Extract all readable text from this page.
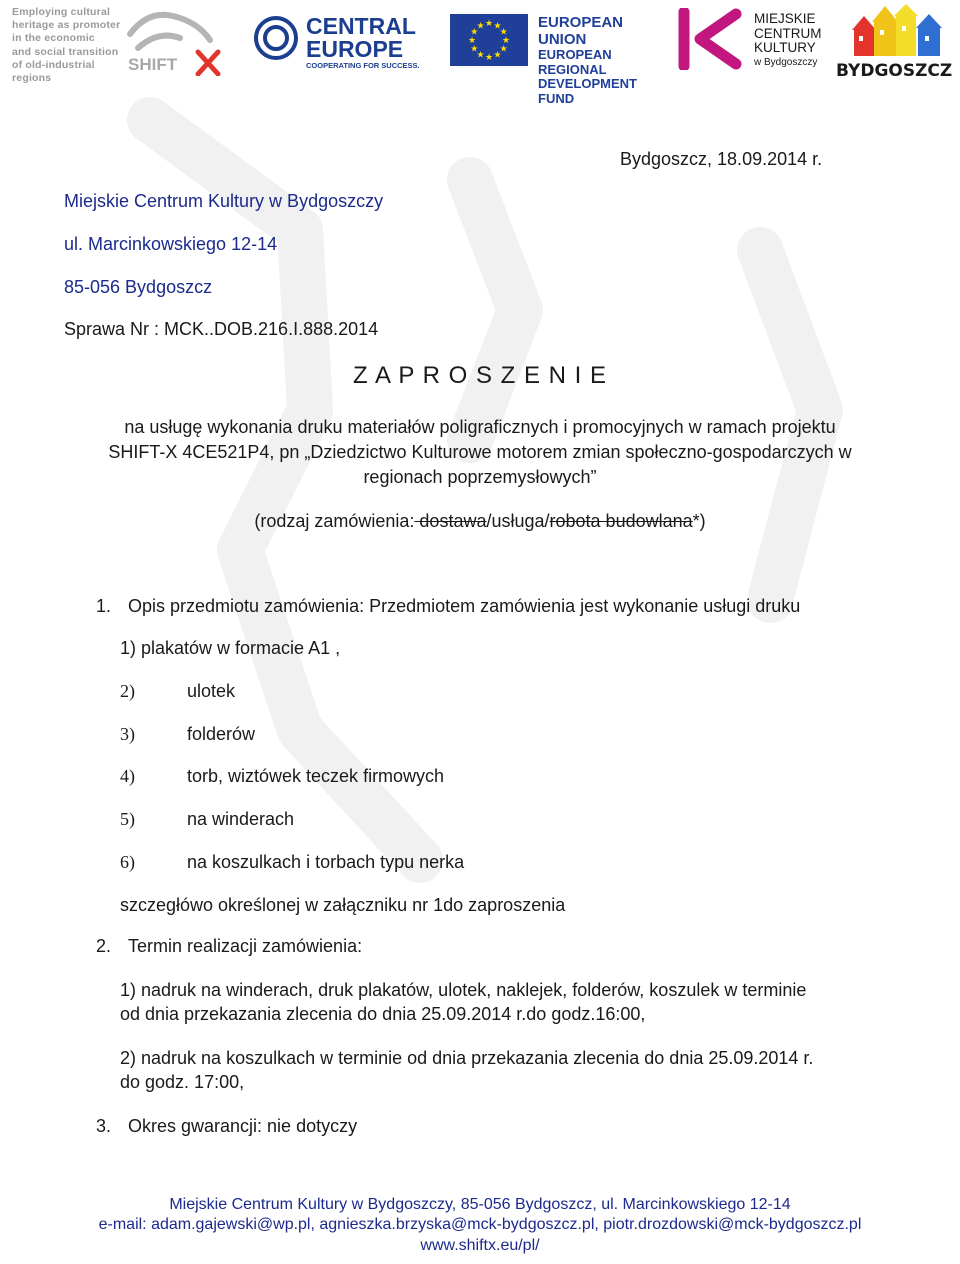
Employing cultural
heritage as promoter
in the economic
and social transition
of old-industrial regions
SHIFT
CENTRAL
EUROPE
COOPERATING FOR SUCCESS.
★
★
★
★
★
★
★
★
★ ★ ★
★
EUROPEAN UNION
EUROPEAN REGIONAL
DEVELOPMENT FUND
MIEJSKIE
CENTRUM
KULTURY
w Bydgoszczy BYDGOSZCZ
Bydgoszcz, 18.09.2014 r.
Miejskie Centrum Kultury w Bydgoszczy
ul. Marcinkowskiego 12-14
85-056 Bydgoszcz
Sprawa Nr : MCK..DOB.216.I.888.2014
Z A P R O S Z E N I E
na usługę wykonania druku materiałów poligraficznych i promocyjnych w ramach projektu
SHIFT-X 4CE521P4, pn „Dziedzictwo Kulturowe motorem zmian społeczno-gospodarczych w
regionach poprzemysłowych”
(rodzaj zamówienia: dostawa/usługa/robota budowlana*)
1. Opis przedmiotu zamówienia: Przedmiotem zamówienia jest wykonanie usługi druku
1) plakatów w formacie A1 ,
2)	ulotek
3)	folderów
4)	torb, wiztówek teczek firmowych
5)	na winderach
6)	na koszulkach i torbach typu nerka
szczegłówo określonej w załączniku nr 1do zaproszenia
2. Termin realizacji zamówienia:
1) nadruk na winderach, druk plakatów, ulotek, naklejek, folderów, koszulek w terminie
od dnia przekazania zlecenia do dnia 25.09.2014 r.do godz.16:00,
2) nadruk na koszulkach w terminie od dnia przekazania zlecenia do dnia 25.09.2014 r.
do godz. 17:00,
3. Okres gwarancji: nie dotyczy
Miejskie Centrum Kultury w Bydgoszczy, 85-056 Bydgoszcz, ul. Marcinkowskiego 12-14
e-mail: adam.gajewski@wp.pl, agnieszka.brzyska@mck-bydgoszcz.pl, piotr.drozdowski@mck-bydgoszcz.pl
www.shiftx.eu/pl/
